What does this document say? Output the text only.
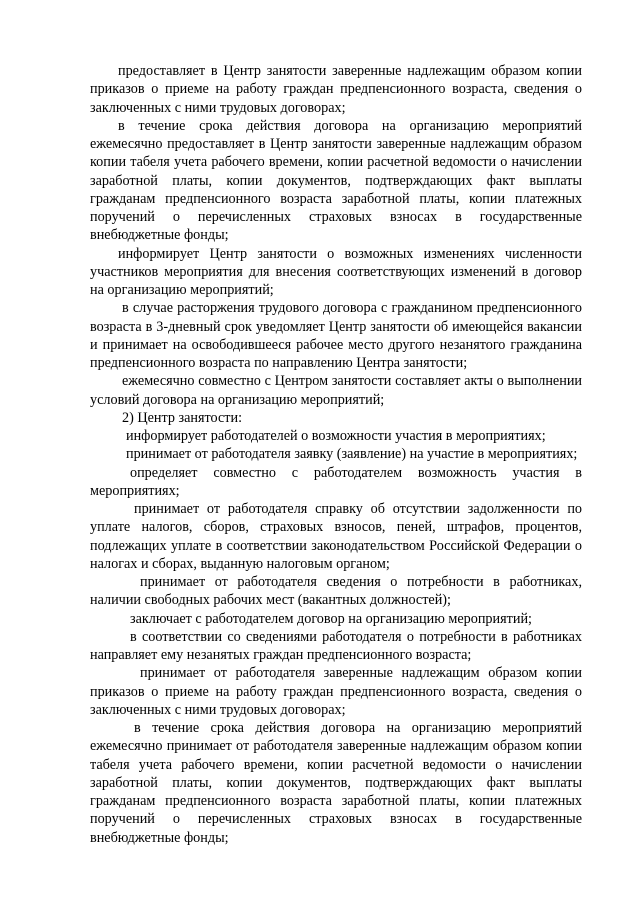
предоставляет в Центр занятости заверенные надлежащим образом копии приказов о приеме на работу граждан предпенсионного возраста, сведения о заключенных с ними трудовых договорах;

в течение срока действия договора на организацию мероприятий ежемесячно предоставляет в Центр занятости заверенные надлежащим образом копии табеля учета рабочего времени, копии расчетной ведомости о начислении заработной платы, копии документов, подтверждающих факт выплаты гражданам предпенсионного возраста заработной платы, копии платежных поручений о перечисленных страховых взносах в государственные внебюджетные фонды;

информирует Центр занятости о возможных изменениях численности участников мероприятия для внесения соответствующих изменений в договор на организацию мероприятий;

в случае расторжения трудового договора с гражданином предпенсионного возраста в 3-дневный срок уведомляет Центр занятости об имеющейся вакансии и принимает на освободившееся рабочее место другого незанятого гражданина предпенсионного возраста по направлению Центра занятости;

ежемесячно совместно с Центром занятости составляет акты о выполнении условий договора на организацию мероприятий;

2) Центр занятости:

информирует работодателей о возможности участия в мероприятиях;

принимает от работодателя заявку (заявление) на участие в мероприятиях;

определяет совместно с работодателем возможность участия в мероприятиях;

принимает от работодателя справку об отсутствии задолженности по уплате налогов, сборов, страховых взносов, пеней, штрафов, процентов, подлежащих уплате в соответствии законодательством Российской Федерации о налогах и сборах, выданную налоговым органом;

принимает от работодателя сведения о потребности в работниках, наличии свободных рабочих мест (вакантных должностей);

заключает с работодателем договор на организацию мероприятий;

в соответствии со сведениями работодателя о потребности в работниках направляет ему незанятых граждан предпенсионного возраста;

принимает от работодателя заверенные надлежащим образом копии приказов о приеме на работу граждан предпенсионного возраста, сведения о заключенных с ними трудовых договорах;

в течение срока действия договора на организацию мероприятий ежемесячно принимает от работодателя заверенные надлежащим образом копии табеля учета рабочего времени, копии расчетной ведомости о начислении заработной платы, копии документов, подтверждающих факт выплаты гражданам предпенсионного возраста заработной платы, копии платежных поручений о перечисленных страховых взносах в государственные внебюджетные фонды;
